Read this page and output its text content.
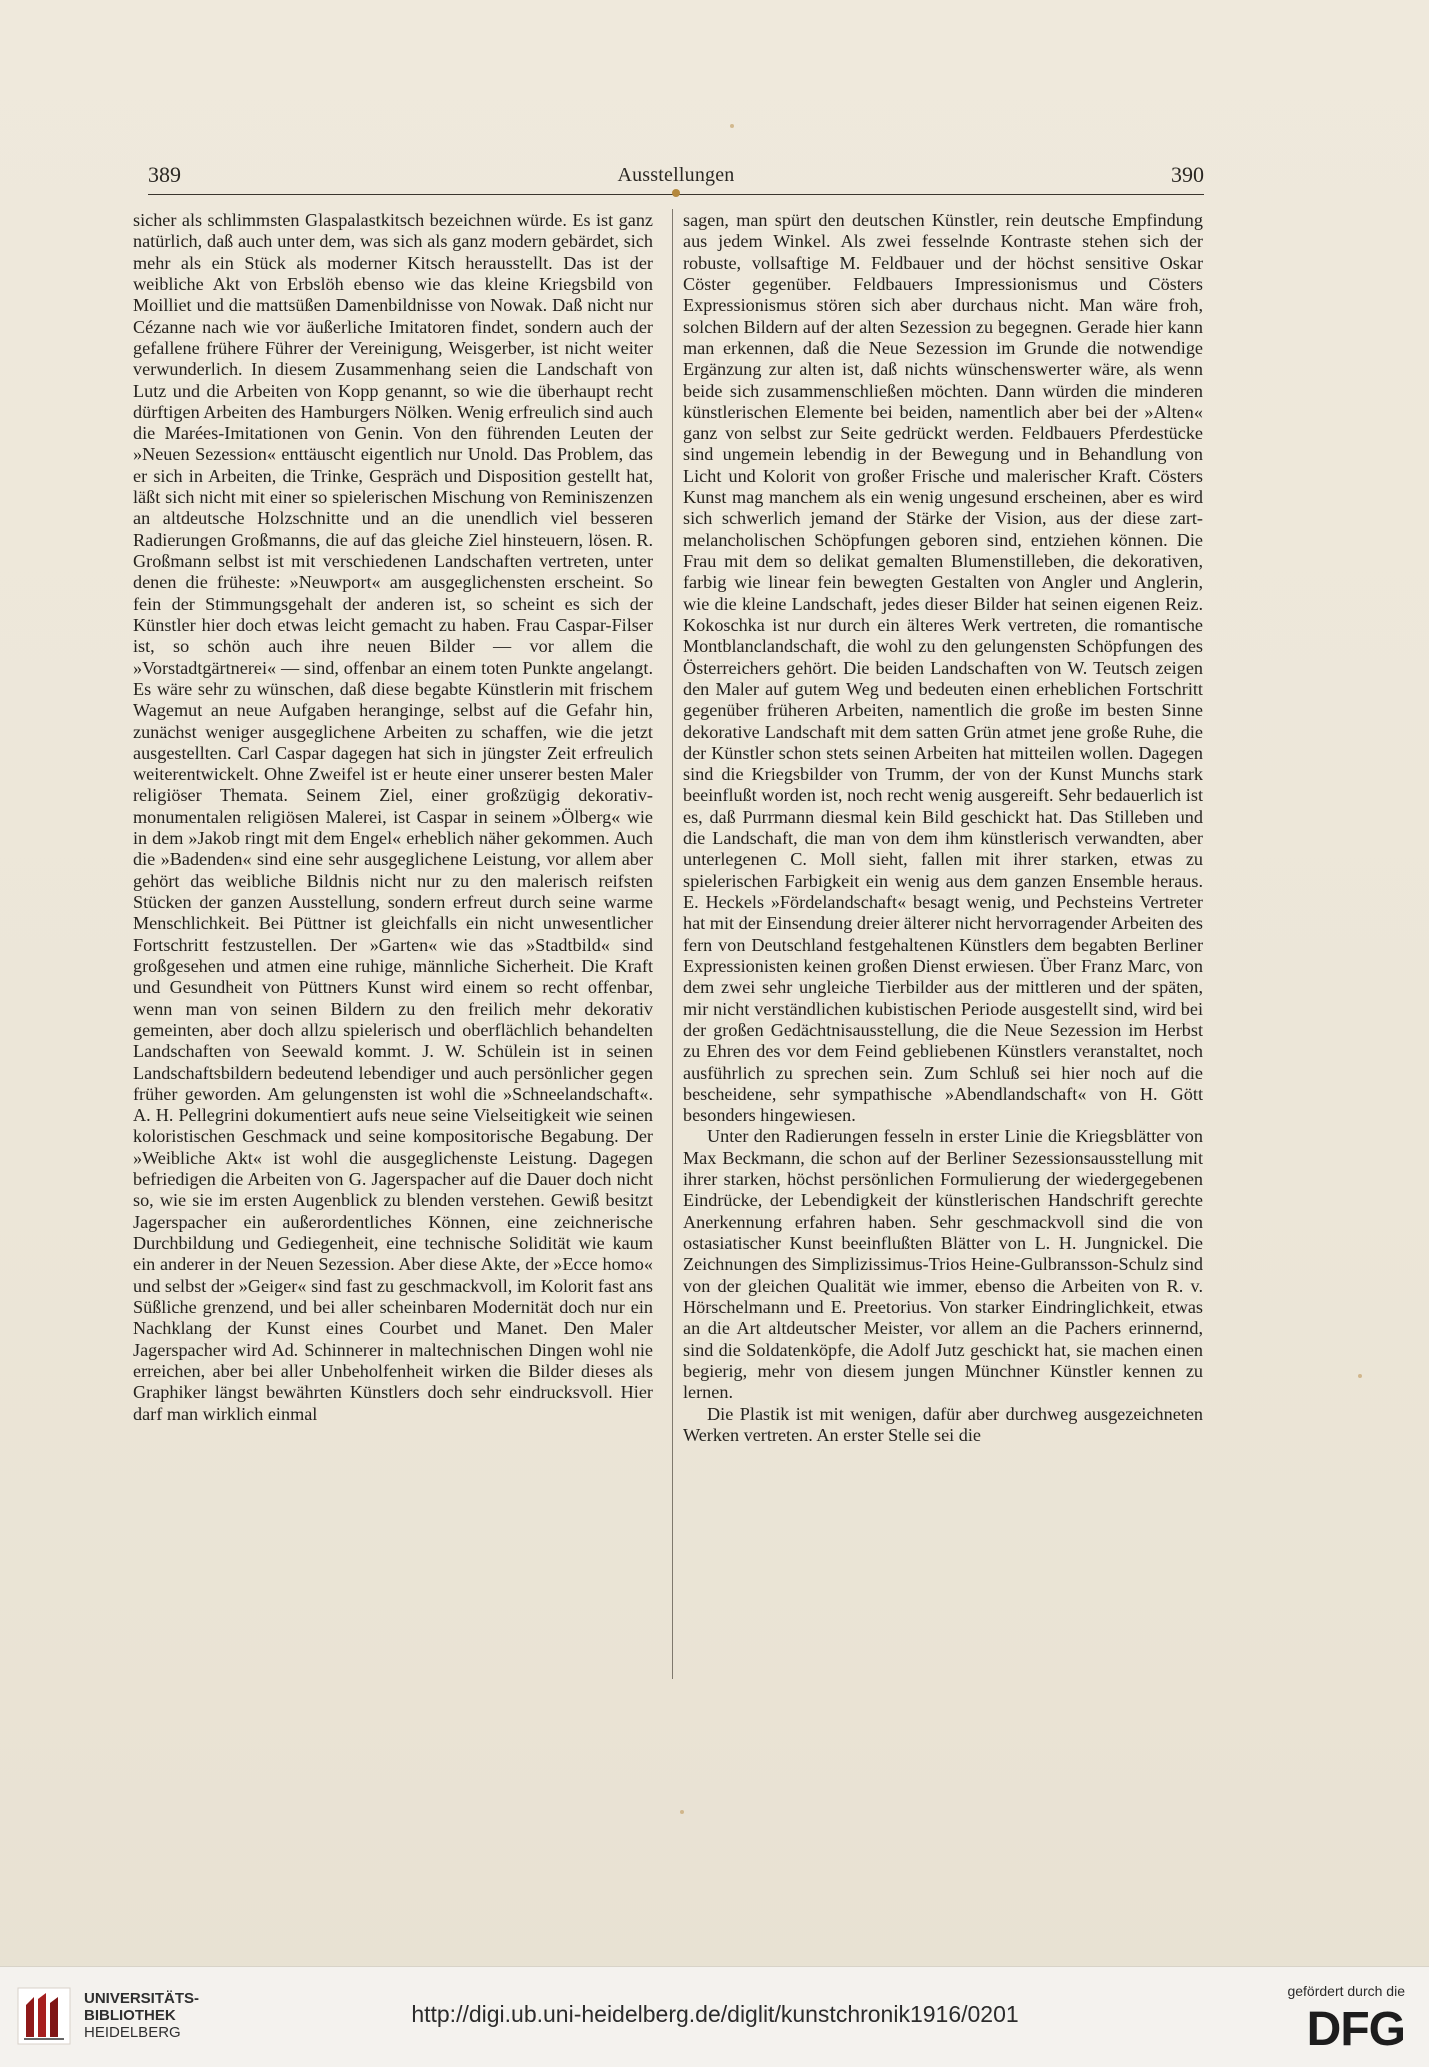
389	Ausstellungen	390

sicher als schlimmsten Glaspalastkitsch bezeichnen würde. Es ist ganz natürlich, daß auch unter dem, was sich als ganz modern gebärdet, sich mehr als ein Stück als moderner Kitsch herausstellt. Das ist der weibliche Akt von Erbslöh ebenso wie das kleine Kriegsbild von Moilliet und die mattsüßen Damenbildnisse von Nowak. Daß nicht nur Cézanne nach wie vor äußerliche Imitatoren findet, sondern auch der gefallene frühere Führer der Vereinigung, Weisgerber, ist nicht weiter verwunderlich. In diesem Zusammenhang seien die Landschaft von Lutz und die Arbeiten von Kopp genannt, so wie die überhaupt recht dürftigen Arbeiten des Hamburgers Nölken. Wenig erfreulich sind auch die Marées-Imitationen von Genin. Von den führenden Leuten der »Neuen Sezession« enttäuscht eigentlich nur Unold. Das Problem, das er sich in Arbeiten, die Trinke, Gespräch und Disposition gestellt hat, läßt sich nicht mit einer so spielerischen Mischung von Reminiszenzen an altdeutsche Holzschnitte und an die unendlich viel besseren Radierungen Großmanns, die auf das gleiche Ziel hinsteuern, lösen. R. Großmann selbst ist mit verschiedenen Landschaften vertreten, unter denen die früheste: »Neuwport« am ausgeglichensten erscheint. So fein der Stimmungsgehalt der anderen ist, so scheint es sich der Künstler hier doch etwas leicht gemacht zu haben. Frau Caspar-Filser ist, so schön auch ihre neuen Bilder — vor allem die »Vorstadtgärtnerei« — sind, offenbar an einem toten Punkte angelangt. Es wäre sehr zu wünschen, daß diese begabte Künstlerin mit frischem Wagemut an neue Aufgaben heranginge, selbst auf die Gefahr hin, zunächst weniger ausgeglichene Arbeiten zu schaffen, wie die jetzt ausgestellten. Carl Caspar dagegen hat sich in jüngster Zeit erfreulich weiterentwickelt. Ohne Zweifel ist er heute einer unserer besten Maler religiöser Themata. Seinem Ziel, einer großzügig dekorativ-monumentalen religiösen Malerei, ist Caspar in seinem »Ölberg« wie in dem »Jakob ringt mit dem Engel« erheblich näher gekommen. Auch die »Badenden« sind eine sehr ausgeglichene Leistung, vor allem aber gehört das weibliche Bildnis nicht nur zu den malerisch reifsten Stücken der ganzen Ausstellung, sondern erfreut durch seine warme Menschlichkeit. Bei Püttner ist gleichfalls ein nicht unwesentlicher Fortschritt festzustellen. Der »Garten« wie das »Stadtbild« sind großgesehen und atmen eine ruhige, männliche Sicherheit. Die Kraft und Gesundheit von Püttners Kunst wird einem so recht offenbar, wenn man von seinen Bildern zu den freilich mehr dekorativ gemeinten, aber doch allzu spielerisch und oberflächlich behandelten Landschaften von Seewald kommt. J. W. Schülein ist in seinen Landschaftsbildern bedeutend lebendiger und auch persönlicher gegen früher geworden. Am gelungensten ist wohl die »Schneelandschaft«. A. H. Pellegrini dokumentiert aufs neue seine Vielseitigkeit wie seinen koloristischen Geschmack und seine kompositorische Begabung. Der »Weibliche Akt« ist wohl die ausgeglichenste Leistung. Dagegen befriedigen die Arbeiten von G. Jagerspacher auf die Dauer doch nicht so, wie sie im ersten Augenblick zu blenden verstehen. Gewiß besitzt Jagerspacher ein außerordentliches Können, eine zeichnerische Durchbildung und Gediegenheit, eine technische Solidität wie kaum ein anderer in der Neuen Sezession. Aber diese Akte, der »Ecce homo« und selbst der »Geiger« sind fast zu geschmackvoll, im Kolorit fast ans Süßliche grenzend, und bei aller scheinbaren Modernität doch nur ein Nachklang der Kunst eines Courbet und Manet. Den Maler Jagerspacher wird Ad. Schinnerer in maltechnischen Dingen wohl nie erreichen, aber bei aller Unbeholfenheit wirken die Bilder dieses als Graphiker längst bewährten Künstlers doch sehr eindrucksvoll. Hier darf man wirklich einmal

sagen, man spürt den deutschen Künstler, rein deutsche Empfindung aus jedem Winkel. Als zwei fesselnde Kontraste stehen sich der robuste, vollsaftige M. Feldbauer und der höchst sensitive Oskar Cöster gegenüber. Feldbauers Impressionismus und Cösters Expressionismus stören sich aber durchaus nicht. Man wäre froh, solchen Bildern auf der alten Sezession zu begegnen. Gerade hier kann man erkennen, daß die Neue Sezession im Grunde die notwendige Ergänzung zur alten ist, daß nichts wünschenswerter wäre, als wenn beide sich zusammenschließen möchten. Dann würden die minderen künstlerischen Elemente bei beiden, namentlich aber bei der »Alten« ganz von selbst zur Seite gedrückt werden. Feldbauers Pferdestücke sind ungemein lebendig in der Bewegung und in Behandlung von Licht und Kolorit von großer Frische und malerischer Kraft. Cösters Kunst mag manchem als ein wenig ungesund erscheinen, aber es wird sich schwerlich jemand der Stärke der Vision, aus der diese zart-melancholischen Schöpfungen geboren sind, entziehen können. Die Frau mit dem so delikat gemalten Blumenstilleben, die dekorativen, farbig wie linear fein bewegten Gestalten von Angler und Anglerin, wie die kleine Landschaft, jedes dieser Bilder hat seinen eigenen Reiz. Kokoschka ist nur durch ein älteres Werk vertreten, die romantische Montblanclandschaft, die wohl zu den gelungensten Schöpfungen des Österreichers gehört. Die beiden Landschaften von W. Teutsch zeigen den Maler auf gutem Weg und bedeuten einen erheblichen Fortschritt gegenüber früheren Arbeiten, namentlich die große im besten Sinne dekorative Landschaft mit dem satten Grün atmet jene große Ruhe, die der Künstler schon stets seinen Arbeiten hat mitteilen wollen. Dagegen sind die Kriegsbilder von Trumm, der von der Kunst Munchs stark beeinflußt worden ist, noch recht wenig ausgereift. Sehr bedauerlich ist es, daß Purrmann diesmal kein Bild geschickt hat. Das Stilleben und die Landschaft, die man von dem ihm künstlerisch verwandten, aber unterlegenen C. Moll sieht, fallen mit ihrer starken, etwas zu spielerischen Farbigkeit ein wenig aus dem ganzen Ensemble heraus. E. Heckels »Fördelandschaft« besagt wenig, und Pechsteins Vertreter hat mit der Einsendung dreier älterer nicht hervorragender Arbeiten des fern von Deutschland festgehaltenen Künstlers dem begabten Berliner Expressionisten keinen großen Dienst erwiesen. Über Franz Marc, von dem zwei sehr ungleiche Tierbilder aus der mittleren und der späten, mir nicht verständlichen kubistischen Periode ausgestellt sind, wird bei der großen Gedächtnisausstellung, die die Neue Sezession im Herbst zu Ehren des vor dem Feind gebliebenen Künstlers veranstaltet, noch ausführlich zu sprechen sein. Zum Schluß sei hier noch auf die bescheidene, sehr sympathische »Abendlandschaft« von H. Gött besonders hingewiesen.

Unter den Radierungen fesseln in erster Linie die Kriegsblätter von Max Beckmann, die schon auf der Berliner Sezessionsausstellung mit ihrer starken, höchst persönlichen Formulierung der wiedergegebenen Eindrücke, der Lebendigkeit der künstlerischen Handschrift gerechte Anerkennung erfahren haben. Sehr geschmackvoll sind die von ostasiatischer Kunst beeinflußten Blätter von L. H. Jungnickel. Die Zeichnungen des Simplizissimus-Trios Heine-Gulbransson-Schulz sind von der gleichen Qualität wie immer, ebenso die Arbeiten von R. v. Hörschelmann und E. Preetorius. Von starker Eindringlichkeit, etwas an die Art altdeutscher Meister, vor allem an die Pachers erinnernd, sind die Soldatenköpfe, die Adolf Jutz geschickt hat, sie machen einen begierig, mehr von diesem jungen Münchner Künstler kennen zu lernen.

Die Plastik ist mit wenigen, dafür aber durchweg ausgezeichneten Werken vertreten. An erster Stelle sei die

UNIVERSITÄTS-
BIBLIOTHEK
HEIDELBERG
http://digi.ub.uni-heidelberg.de/diglit/kunstchronik1916/0201
gefördert durch die
DFG
